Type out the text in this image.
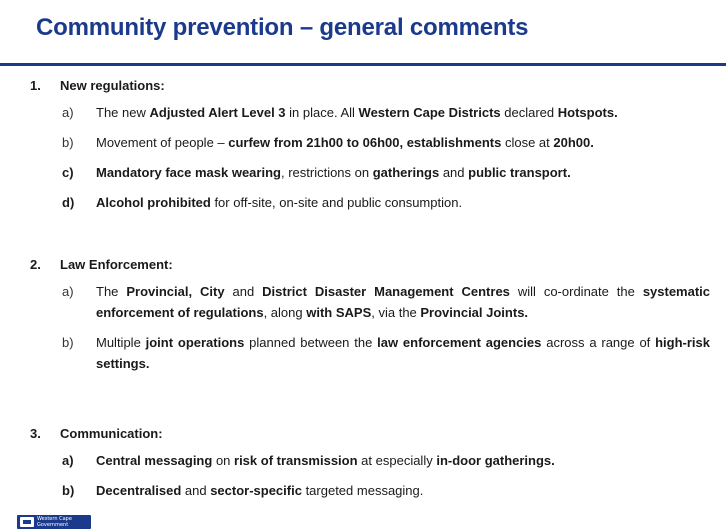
Community prevention – general comments

1. New regulations:

a) The new Adjusted Alert Level 3 in place. All Western Cape Districts declared Hotspots.
b) Movement of people – curfew from 21h00 to 06h00, establishments close at 20h00.
c) Mandatory face mask wearing, restrictions on gatherings and public transport.
d) Alcohol prohibited for off-site, on-site and public consumption.

2. Law Enforcement:

a) The Provincial, City and District Disaster Management Centres will co-ordinate the systematic enforcement of regulations, along with SAPS, via the Provincial Joints.
b) Multiple joint operations planned between the law enforcement agencies across a range of high-risk settings.

3. Communication:

a) Central messaging on risk of transmission at especially in-door gatherings.
b) Decentralised and sector-specific targeted messaging.
Western Cape
Government
